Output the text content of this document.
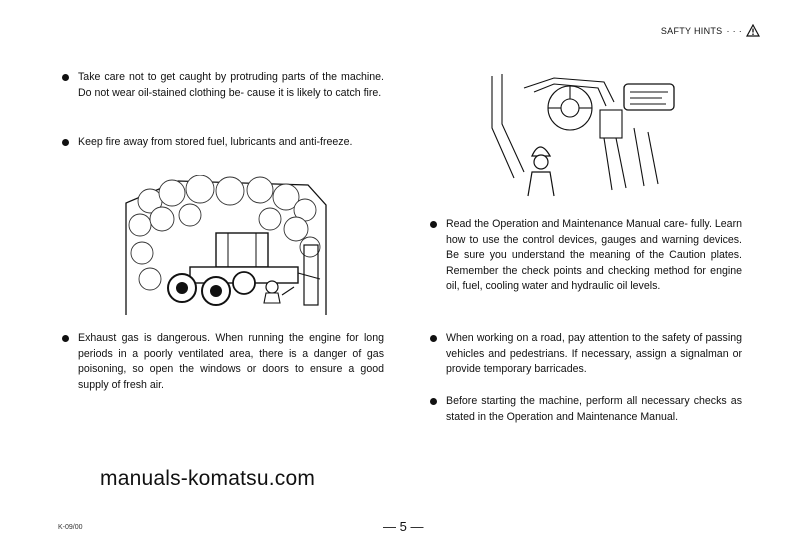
SAFTY HINTS · · ·
Take care not to get caught by protruding parts of the machine. Do not wear oil-stained clothing be- cause it is likely to catch fire.
Keep fire away from stored fuel, lubricants and anti-freeze.
Exhaust gas is dangerous. When running the engine for long periods in a poorly ventilated area, there is a danger of gas poisoning, so open the windows or doors to ensure a good supply of fresh air.
Read the Operation and Maintenance Manual care- fully. Learn how to use the control devices, gauges and warning devices. Be sure you understand the meaning of the Caution plates. Remember the check points and checking method for engine oil, fuel, cooling water and hydraulic oil levels.
When working on a road, pay attention to the safety of passing vehicles and pedestrians. If necessary, assign a signalman or provide temporary barricades.
Before starting the machine, perform all necessary checks as stated in the Operation and Maintenance Manual.
manuals-komatsu.com
K-09/00	— 5 —
